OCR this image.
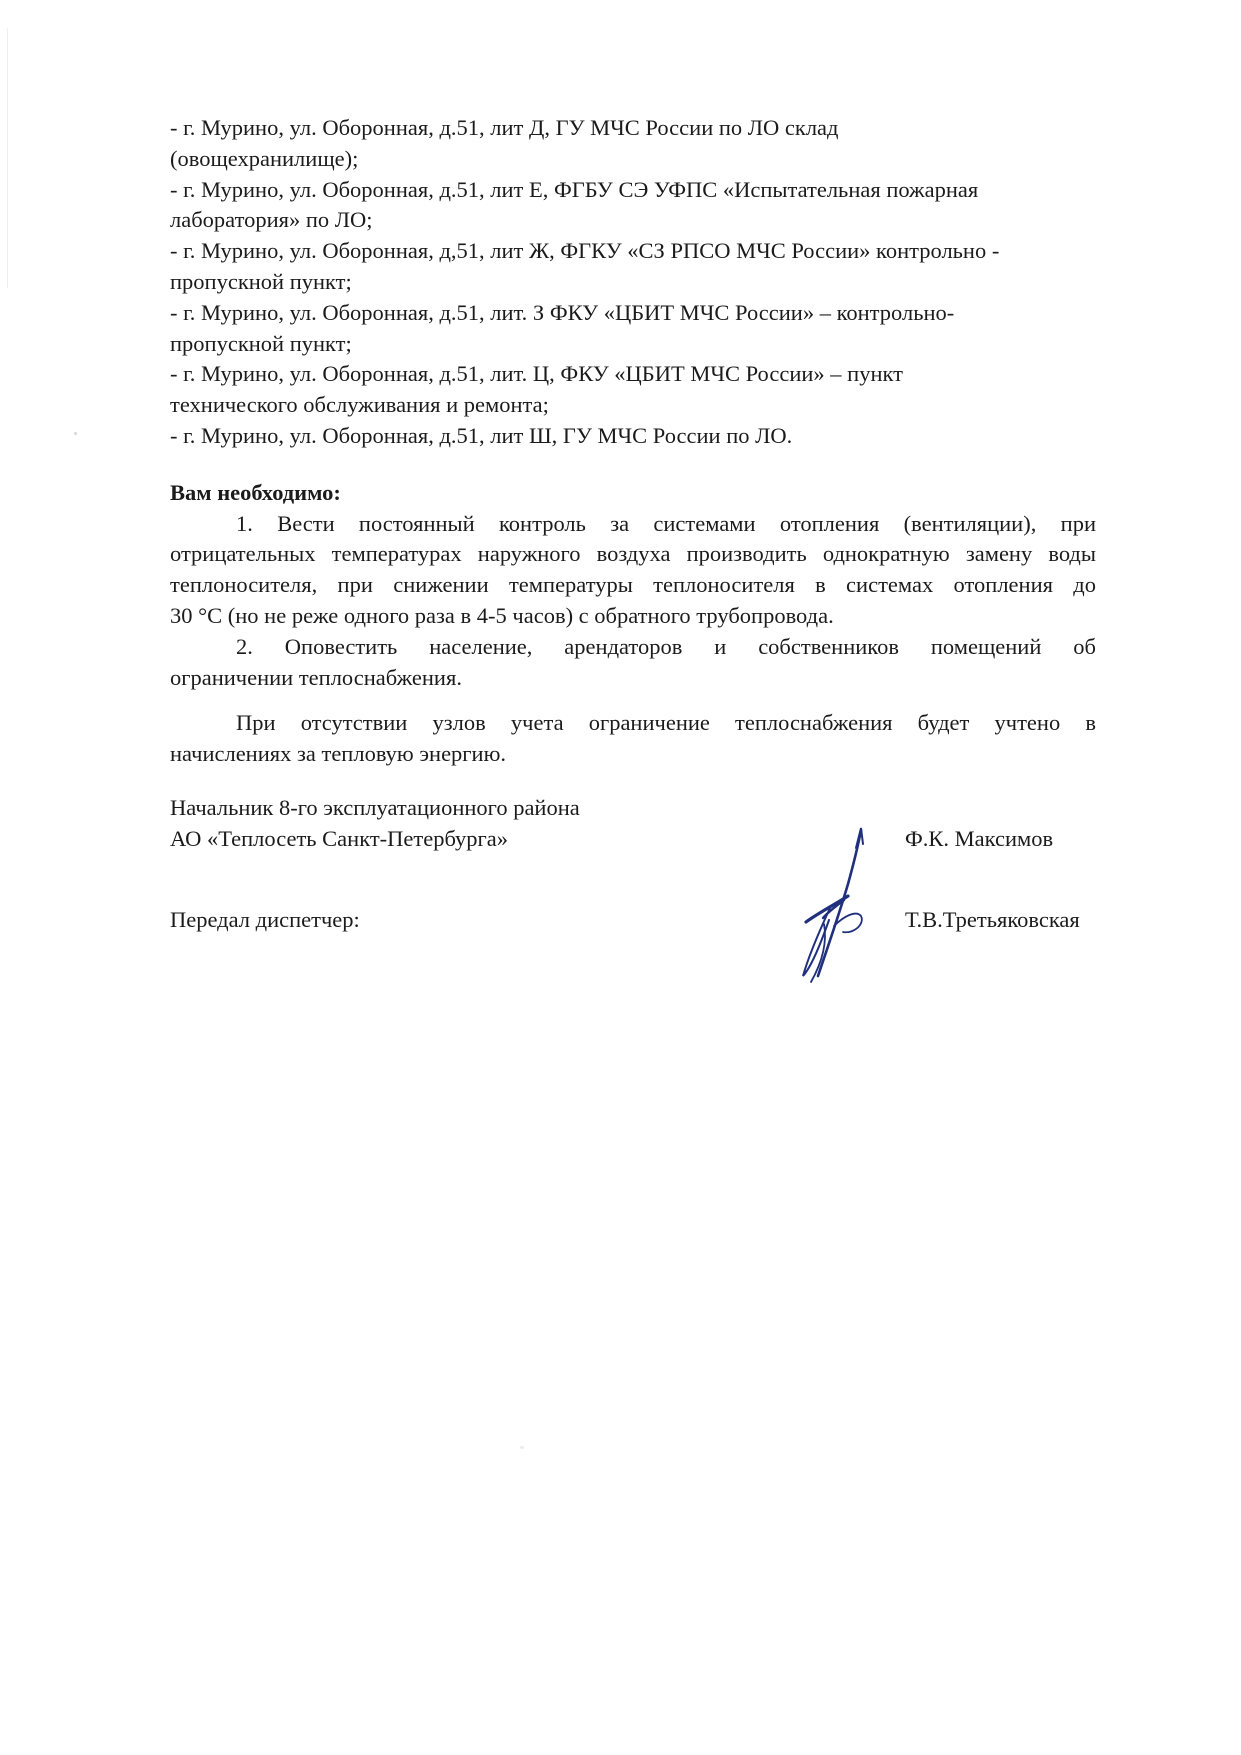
- г. Мурино, ул. Оборонная, д.51, лит Д, ГУ МЧС России по ЛО склад
(овощехранилище);
- г. Мурино, ул. Оборонная, д.51, лит Е, ФГБУ СЭ УФПС «Испытательная пожарная
лаборатория» по ЛО;
- г. Мурино, ул. Оборонная, д,51, лит Ж, ФГКУ «СЗ РПСО МЧС России» контрольно -
пропускной пункт;
- г. Мурино, ул. Оборонная, д.51, лит. З ФКУ «ЦБИТ МЧС России» – контрольно-
пропускной пункт;
- г. Мурино, ул. Оборонная, д.51, лит. Ц, ФКУ «ЦБИТ МЧС России» – пункт
технического обслуживания и ремонта;
- г. Мурино, ул. Оборонная, д.51, лит Ш, ГУ МЧС России по ЛО.
Вам необходимо:
1. Вести постоянный контроль за системами отопления (вентиляции), при
отрицательных температурах наружного воздуха производить однократную замену воды
теплоносителя, при снижении температуры теплоносителя в системах отопления до
30 °С (но не реже одного раза в 4-5 часов) с обратного трубопровода.
2. Оповестить население, арендаторов и собственников помещений об
ограничении теплоснабжения.
При отсутствии узлов учета ограничение теплоснабжения будет учтено в
начислениях за тепловую энергию.
Начальник 8-го эксплуатационного района
АО «Теплосеть Санкт-Петербурга»	Ф.К. Максимов
Передал диспетчер:	Т.В.Третьяковская
